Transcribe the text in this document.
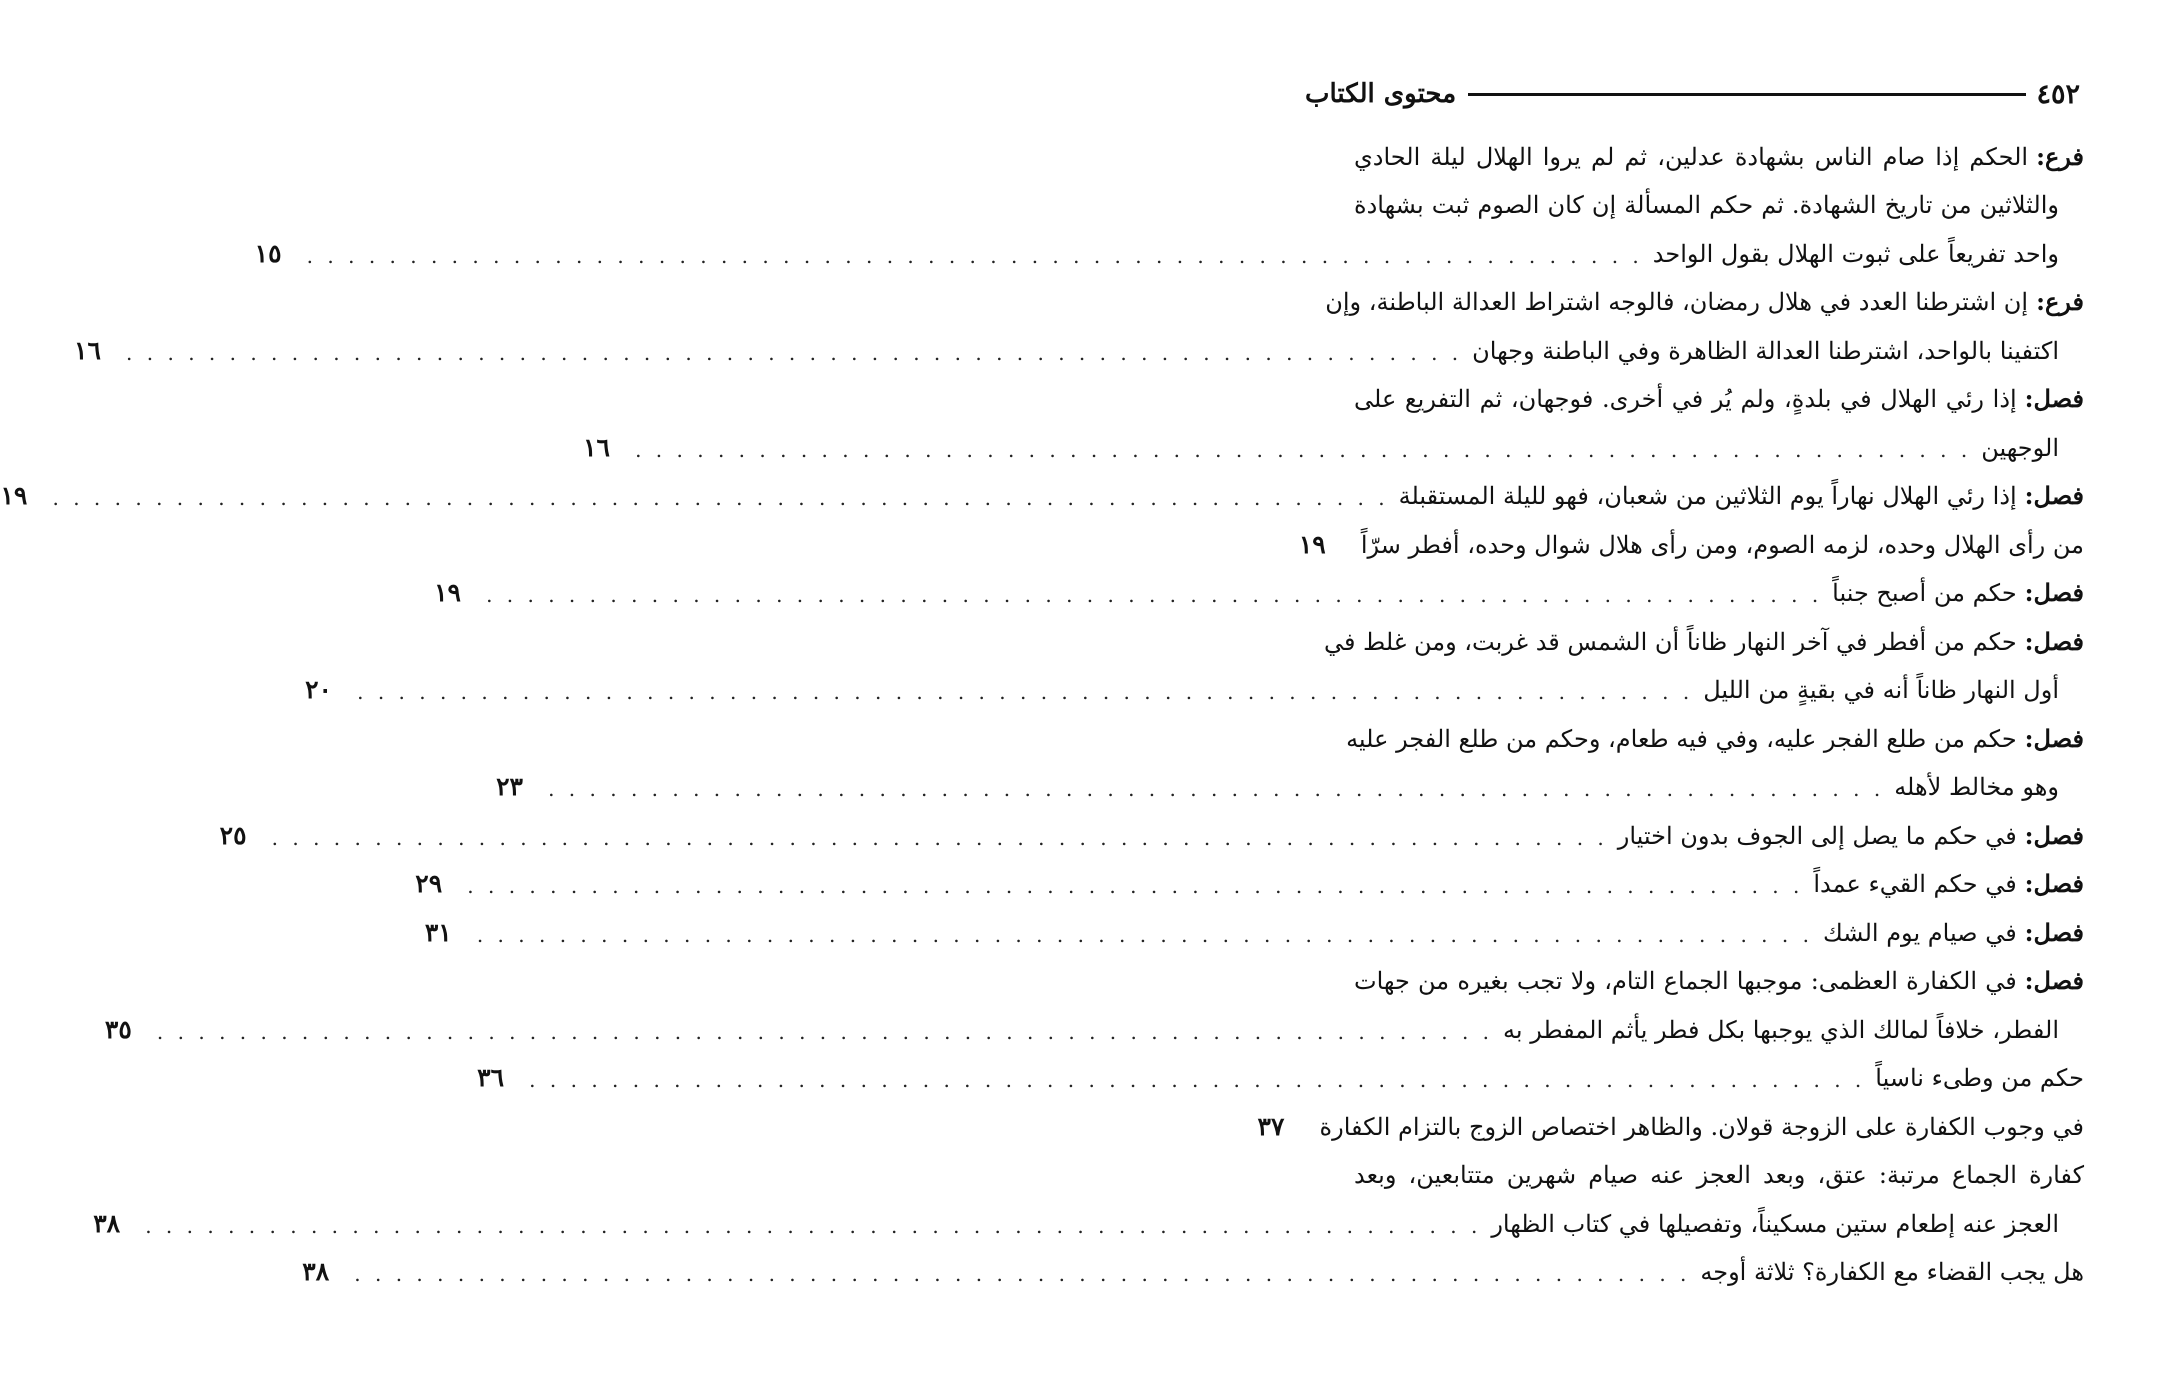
٤٥٢
محتوى الكتاب
فرع:الحكم إذا صام الناس بشهادة عدلين، ثم لم يروا الهلال ليلة الحادي
والثلاثين من تاريخ الشهادة. ثم حكم المسألة إن كان الصوم ثبت بشهادة
واحد تفريعاً على ثبوت الهلال بقول الواحد
. . . . . . . . . . . . . . . . . . . . . . . . . . . . . . . . . . . . . . . . . . . . . . . . . . . . . . . . . . . . . . . . .
١٥
فرع:إن اشترطنا العدد في هلال رمضان، فالوجه اشتراط العدالة الباطنة، وإن
اكتفينا بالواحد، اشترطنا العدالة الظاهرة وفي الباطنة وجهان
. . . . . . . . . . . . . . . . . . . . . . . . . . . . . . . . . . . . . . . . . . . . . . . . . . . . . . . . . . . . . . . . .
١٦
فصل:إذا رئي الهلال في بلدةٍ، ولم يُر في أخرى. فوجهان، ثم التفريع على
الوجهين
. . . . . . . . . . . . . . . . . . . . . . . . . . . . . . . . . . . . . . . . . . . . . . . . . . . . . . . . . . . . . . . . .
١٦
فصل:إذا رئي الهلال نهاراً يوم الثلاثين من شعبان، فهو لليلة المستقبلة
. . . . . . . . . . . . . . . . . . . . . . . . . . . . . . . . . . . . . . . . . . . . . . . . . . . . . . . . . . . . . . . . .
١٩
من رأى الهلال وحده، لزمه الصوم، ومن رأى هلال شوال وحده، أفطر سرّاً
١٩
فصل:حكم من أصبح جنباً
. . . . . . . . . . . . . . . . . . . . . . . . . . . . . . . . . . . . . . . . . . . . . . . . . . . . . . . . . . . . . . . . .
١٩
فصل:حكم من أفطر في آخر النهار ظاناً أن الشمس قد غربت، ومن غلط في
أول النهار ظاناً أنه في بقيةٍ من الليل
. . . . . . . . . . . . . . . . . . . . . . . . . . . . . . . . . . . . . . . . . . . . . . . . . . . . . . . . . . . . . . . . .
٢٠
فصل:حكم من طلع الفجر عليه، وفي فيه طعام، وحكم من طلع الفجر عليه
وهو مخالط لأهله
. . . . . . . . . . . . . . . . . . . . . . . . . . . . . . . . . . . . . . . . . . . . . . . . . . . . . . . . . . . . . . . . .
٢٣
فصل:في حكم ما يصل إلى الجوف بدون اختيار
. . . . . . . . . . . . . . . . . . . . . . . . . . . . . . . . . . . . . . . . . . . . . . . . . . . . . . . . . . . . . . . . .
٢٥
فصل:في حكم القيء عمداً
. . . . . . . . . . . . . . . . . . . . . . . . . . . . . . . . . . . . . . . . . . . . . . . . . . . . . . . . . . . . . . . . .
٢٩
فصل:في صيام يوم الشك
. . . . . . . . . . . . . . . . . . . . . . . . . . . . . . . . . . . . . . . . . . . . . . . . . . . . . . . . . . . . . . . . .
٣١
فصل:في الكفارة العظمى: موجبها الجماع التام، ولا تجب بغيره من جهات
الفطر، خلافاً لمالك الذي يوجبها بكل فطر يأثم المفطر به
. . . . . . . . . . . . . . . . . . . . . . . . . . . . . . . . . . . . . . . . . . . . . . . . . . . . . . . . . . . . . . . . .
٣٥
حكم من وطىء ناسياً
. . . . . . . . . . . . . . . . . . . . . . . . . . . . . . . . . . . . . . . . . . . . . . . . . . . . . . . . . . . . . . . . .
٣٦
في وجوب الكفارة على الزوجة قولان. والظاهر اختصاص الزوج بالتزام الكفارة
٣٧
كفارة الجماع مرتبة: عتق، وبعد العجز عنه صيام شهرين متتابعين، وبعد
العجز عنه إطعام ستين مسكيناً، وتفصيلها في كتاب الظهار
. . . . . . . . . . . . . . . . . . . . . . . . . . . . . . . . . . . . . . . . . . . . . . . . . . . . . . . . . . . . . . . . .
٣٨
هل يجب القضاء مع الكفارة؟ ثلاثة أوجه
. . . . . . . . . . . . . . . . . . . . . . . . . . . . . . . . . . . . . . . . . . . . . . . . . . . . . . . . . . . . . . . . .
٣٨
